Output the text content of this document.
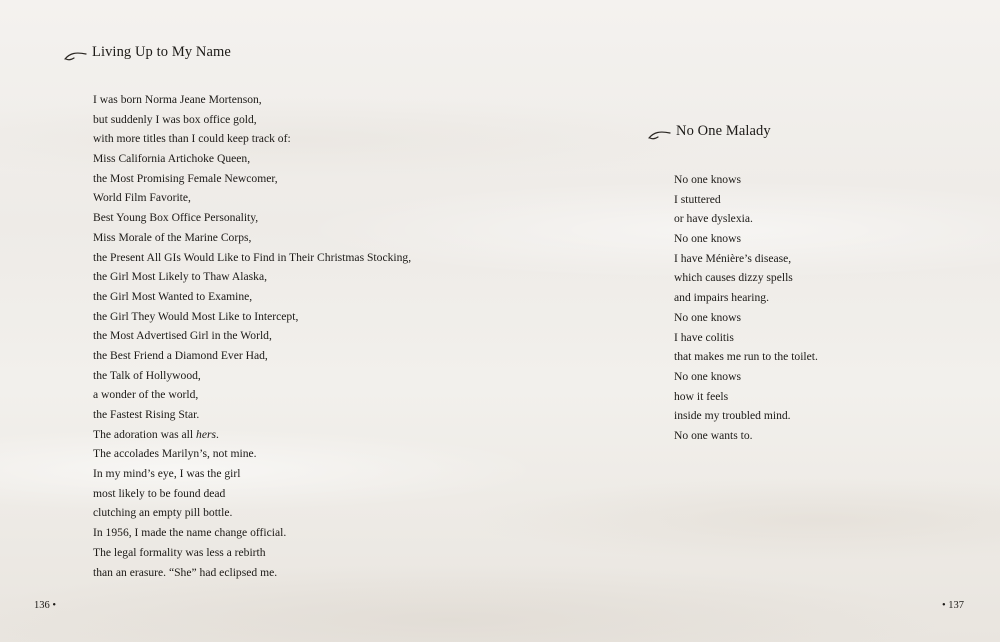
Living Up to My Name
I was born Norma Jeane Mortenson,
but suddenly I was box office gold,
with more titles than I could keep track of:
Miss California Artichoke Queen,
the Most Promising Female Newcomer,
World Film Favorite,
Best Young Box Office Personality,
Miss Morale of the Marine Corps,
the Present All GIs Would Like to Find in Their Christmas Stocking,
the Girl Most Likely to Thaw Alaska,
the Girl Most Wanted to Examine,
the Girl They Would Most Like to Intercept,
the Most Advertised Girl in the World,
the Best Friend a Diamond Ever Had,
the Talk of Hollywood,
a wonder of the world,
the Fastest Rising Star.
The adoration was all hers.
The accolades Marilyn’s, not mine.
In my mind’s eye, I was the girl
most likely to be found dead
clutching an empty pill bottle.
In 1956, I made the name change official.
The legal formality was less a rebirth
than an erasure. “She” had eclipsed me.
136 •
No One Malady
No one knows
I stuttered
or have dyslexia.
No one knows
I have Ménière’s disease,
which causes dizzy spells
and impairs hearing.
No one knows
I have colitis
that makes me run to the toilet.
No one knows
how it feels
inside my troubled mind.
No one wants to.
• 137
